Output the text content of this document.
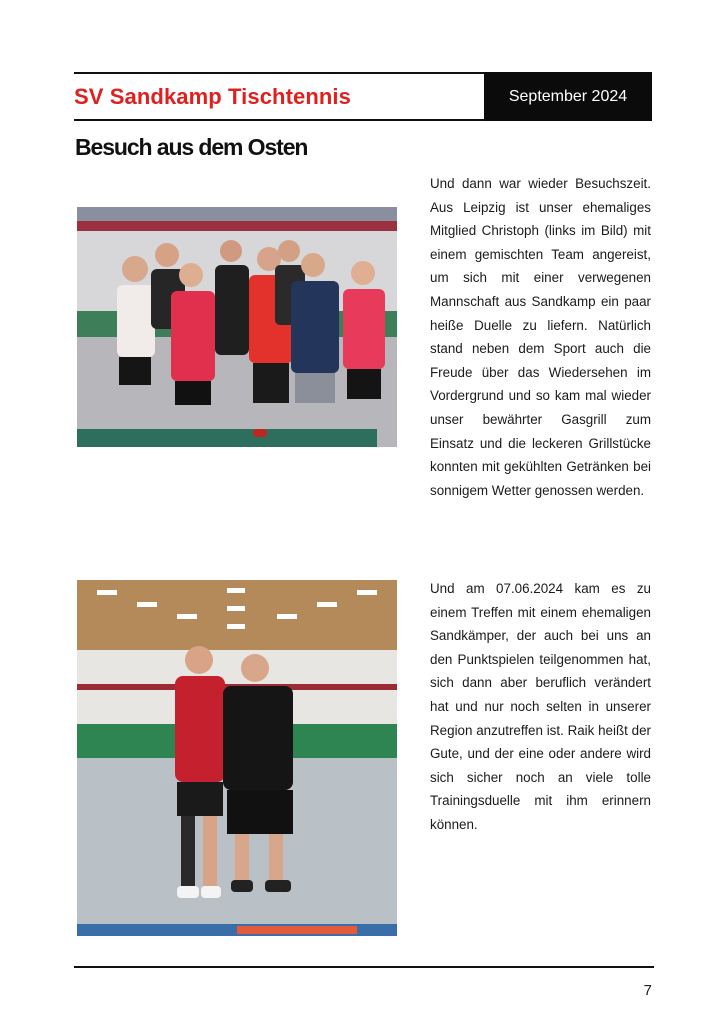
SV Sandkamp Tischtennis	September 2024
Besuch aus dem Osten
Und dann war wieder Besuchszeit. Aus Leipzig ist unser ehemaliges Mitglied Christoph (links im Bild) mit einem gemischten Team angereist, um sich mit einer verwegenen Mannschaft aus Sandkamp ein paar heiße Duelle zu liefern. Natürlich stand neben dem Sport auch die Freude über das Wiedersehen im Vordergrund und so kam mal wieder unser bewährter Gasgrill zum Einsatz und die leckeren Grillstücke konnten mit gekühlten Getränken bei sonnigem Wetter genossen werden.
Und am 07.06.2024 kam es zu einem Treffen mit einem ehemaligen Sandkämper, der auch bei uns an den Punktspielen teilgenommen hat, sich dann aber beruflich verändert hat und nur noch selten in unserer Region anzutreffen ist. Raik heißt der Gute, und der eine oder andere wird sich sicher noch an viele tolle Trainingsduelle mit ihm erinnern können.
7
